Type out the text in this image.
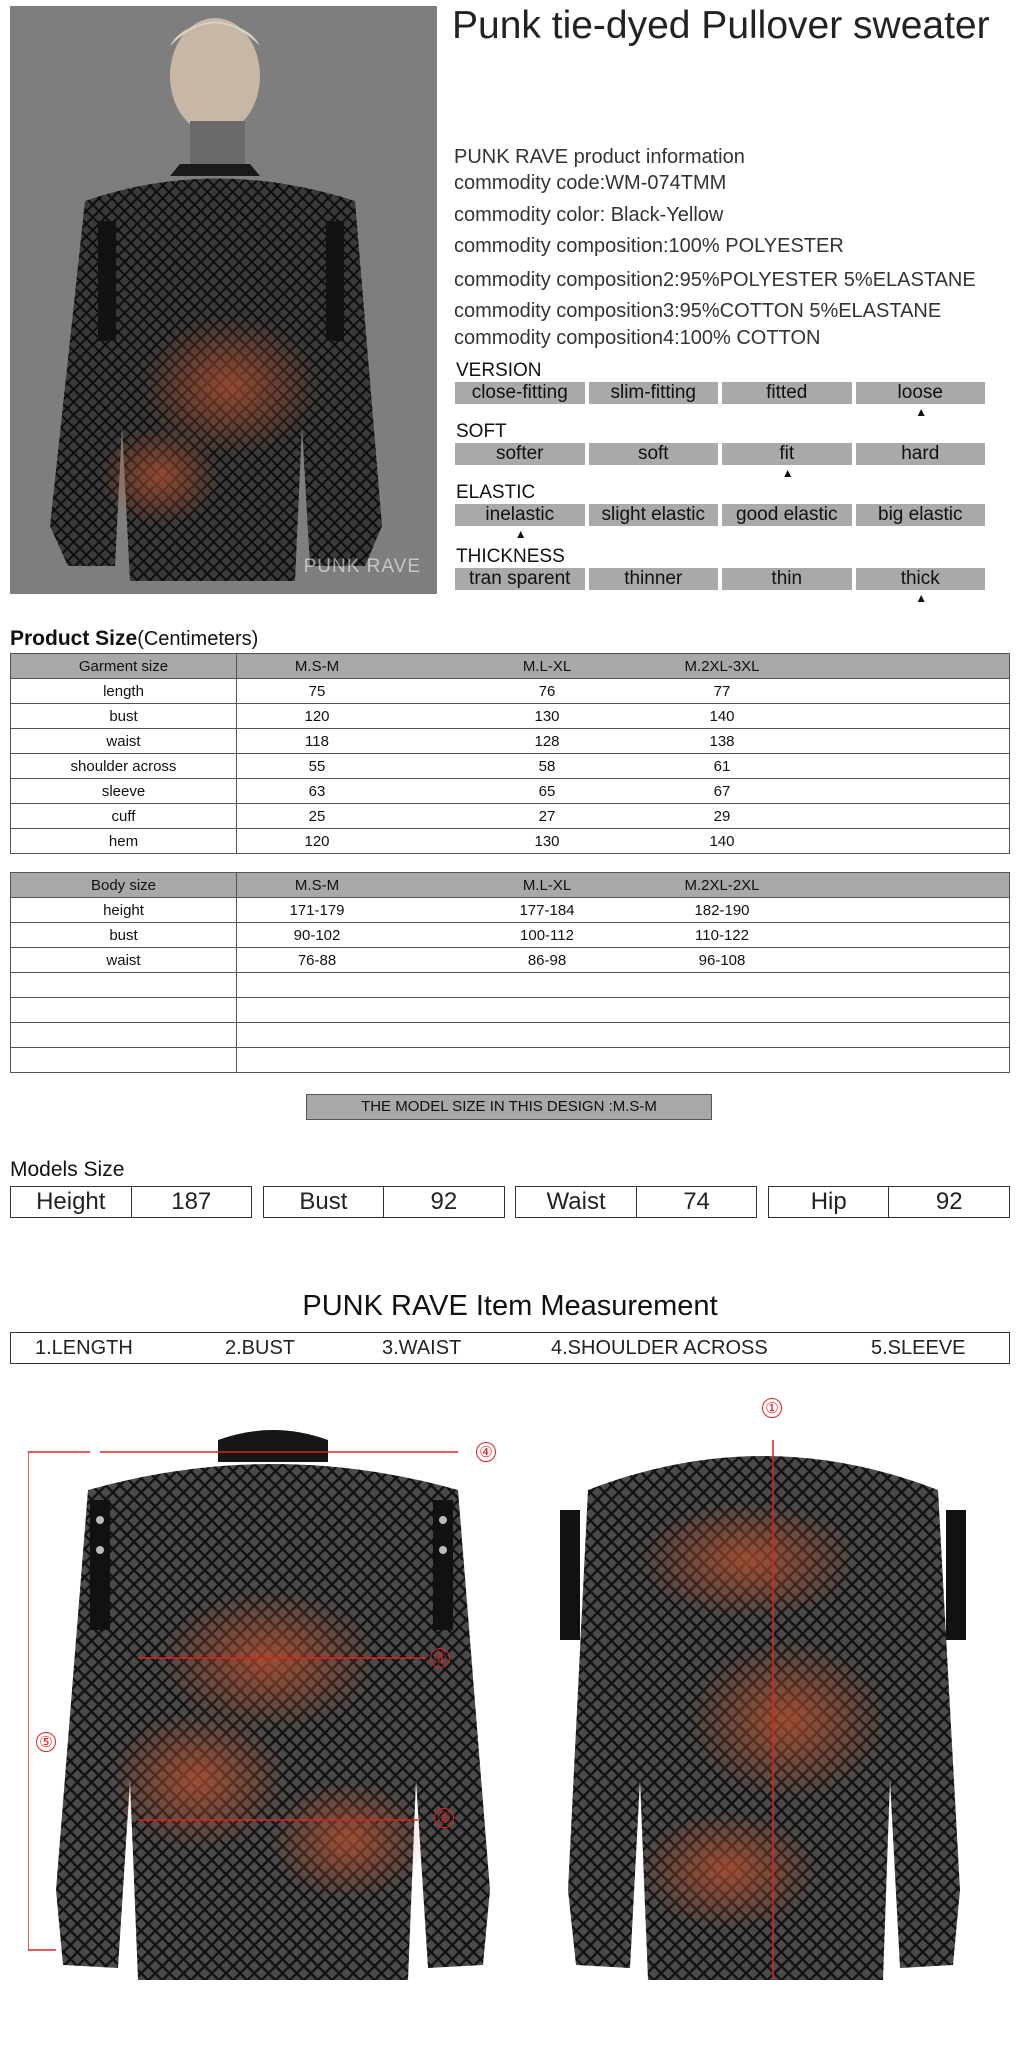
PUNK RAVE
Punk tie-dyed Pullover sweater
PUNK RAVE product information
commodity code:WM-074TMM
commodity color: Black-Yellow
commodity composition:100% POLYESTER
commodity composition2:95%POLYESTER 5%ELASTANE
commodity composition3:95%COTTON 5%ELASTANE
commodity composition4:100% COTTON
VERSION
close-fitting	slim-fitting	fitted	loose
▲
SOFT
softer	soft	fit	hard
▲
ELASTIC
inelastic	slight elastic	good elastic	big elastic
▲
THICKNESS
tran sparent	thinner	thin	thick
▲
Product Size(Centimeters)
Garment size	M.S-M M.L-XL M.2XL-3XL

length	75 76 77

bust	120 130 140

waist	118 128 138

shoulder across	55 58 61

sleeve	63 65 67

cuff	25 27 29

hem	120 130 140
Body size	M.S-M M.L-XL M.2XL-2XL

height	171-179 177-184 182-190

bust	90-102 100-112 110-122

waist	76-88 86-98 96-108

THE MODEL SIZE IN THIS DESIGN :M.S-M
Models Size
Height	187	Bust	92	Waist	74	Hip	92
PUNK RAVE Item Measurement
1.LENGTH	2.BUST	3.WAIST	4.SHOULDER ACROSS	5.SLEEVE
④
③
②
⑤
①
